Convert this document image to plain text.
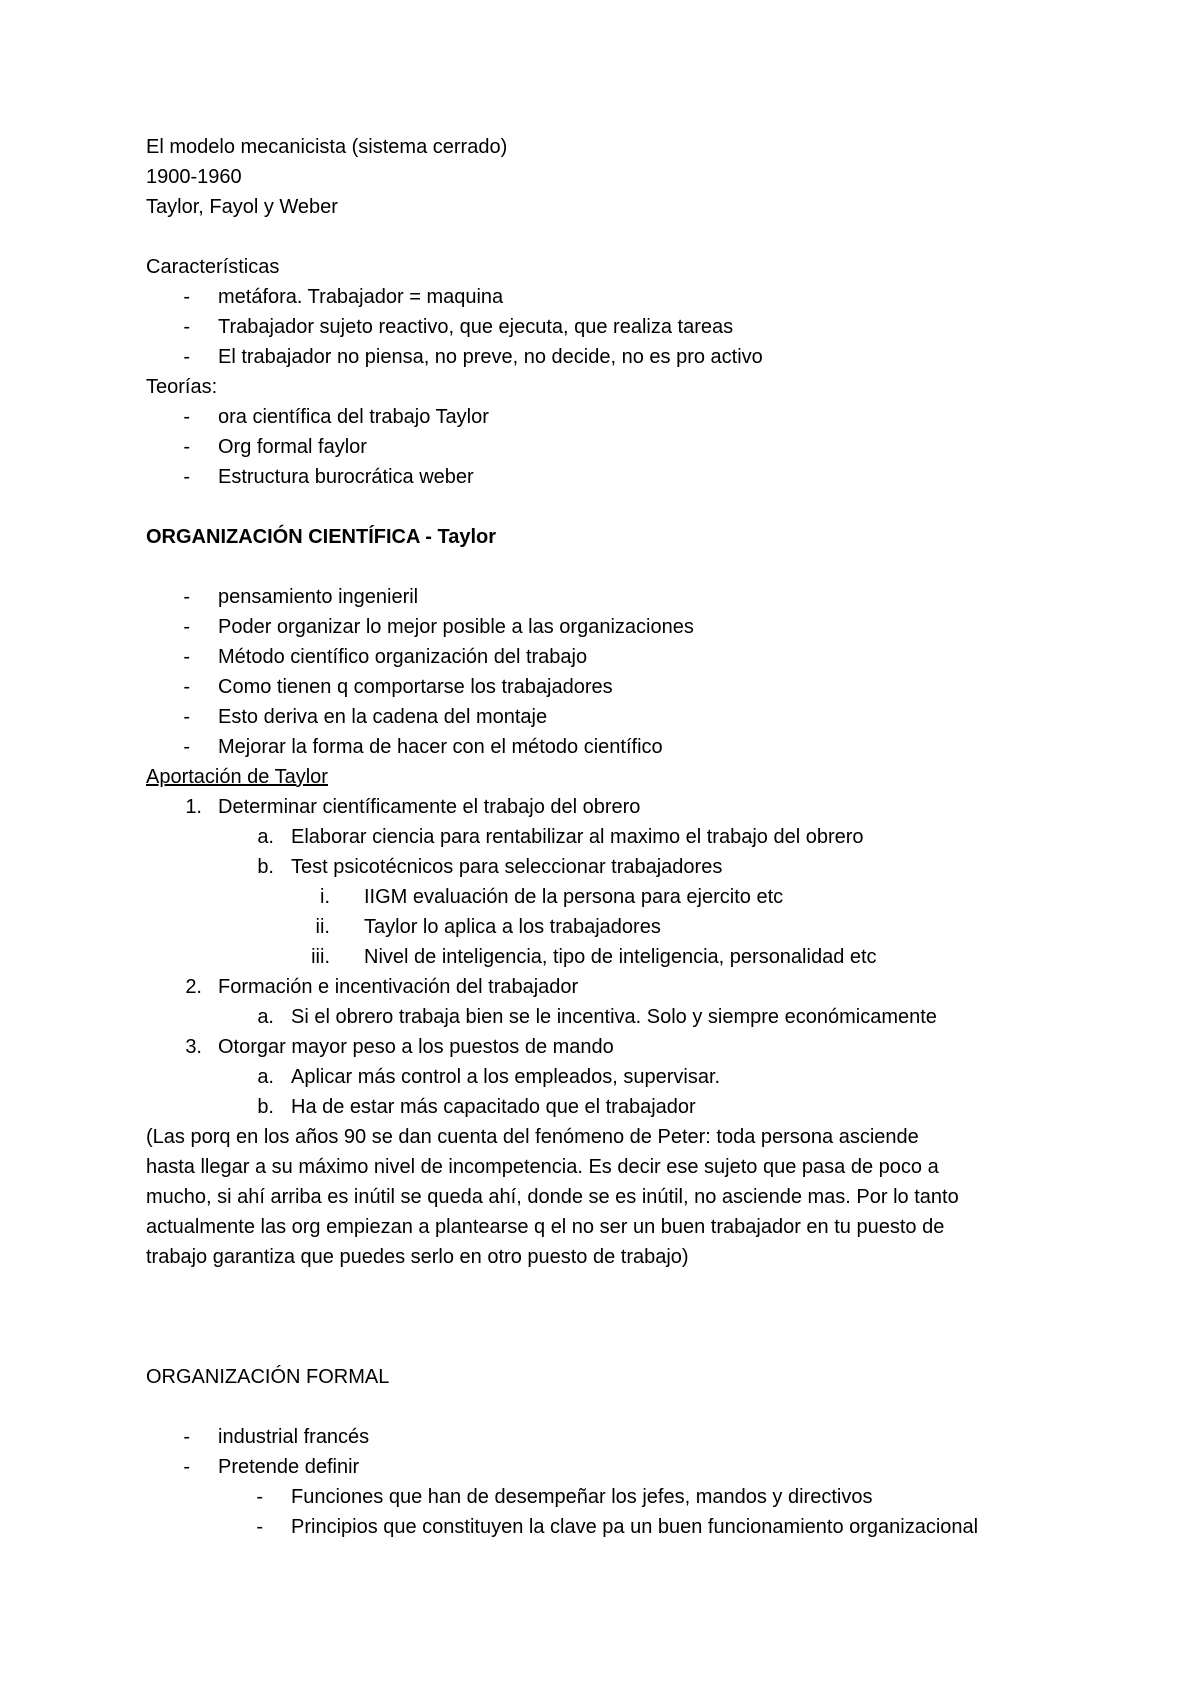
El modelo mecanicista (sistema cerrado)
1900-1960
Taylor, Fayol y Weber
Características
- metáfora. Trabajador = maquina
- Trabajador sujeto reactivo, que ejecuta, que realiza tareas
- El trabajador no piensa, no preve, no decide, no es pro activo
Teorías:
- ora científica del trabajo Taylor
- Org formal faylor
- Estructura burocrática weber
ORGANIZACIÓN CIENTÍFICA - Taylor
- pensamiento ingenieril
- Poder organizar lo mejor posible a las organizaciones
- Método científico organización del trabajo
- Como tienen q comportarse los trabajadores
- Esto deriva en la cadena del montaje
- Mejorar la forma de hacer con el método científico
Aportación de Taylor
1. Determinar científicamente el trabajo del obrero
a. Elaborar ciencia para rentabilizar al maximo el trabajo del obrero
b. Test psicotécnicos para seleccionar trabajadores
i. IIGM evaluación de la persona para ejercito etc
ii. Taylor lo aplica a los trabajadores
iii. Nivel de inteligencia, tipo de inteligencia, personalidad etc
2. Formación e incentivación del trabajador
a. Si el obrero trabaja bien se le incentiva. Solo y siempre económicamente
3. Otorgar mayor peso a los puestos de mando
a. Aplicar más control a los empleados, supervisar.
b. Ha de estar más capacitado que el trabajador
(Las porq en los años 90 se dan cuenta del fenómeno de Peter: toda persona asciende
hasta llegar a su máximo nivel de incompetencia. Es decir ese sujeto que pasa de poco a
mucho, si ahí arriba es inútil se queda ahí, donde se es inútil, no asciende mas. Por lo tanto
actualmente las org empiezan a plantearse q el no ser un buen trabajador en tu puesto de
trabajo garantiza que puedes serlo en otro puesto de trabajo)
ORGANIZACIÓN FORMAL
- industrial francés
- Pretende definir
- Funciones que han de desempeñar los jefes, mandos y directivos
- Principios que constituyen la clave pa un buen funcionamiento organizacional
